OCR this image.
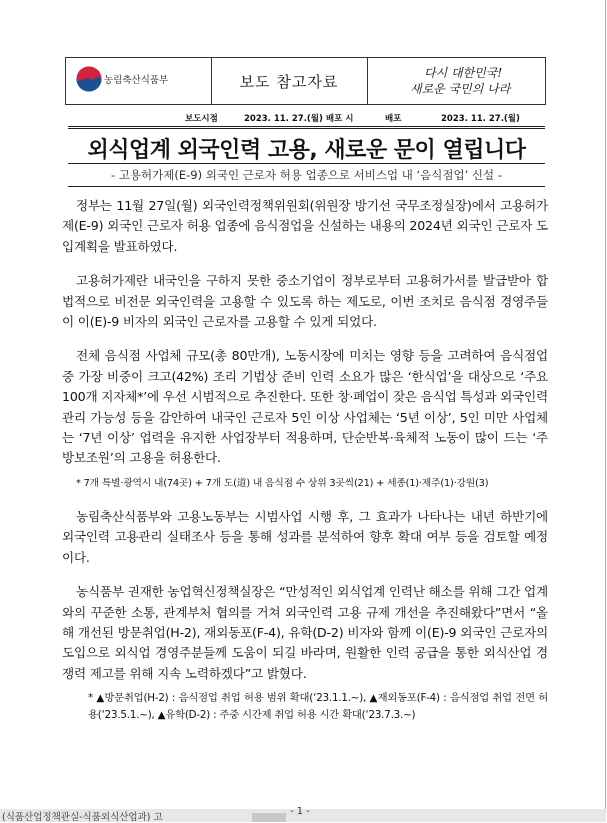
농림축산식품부	보도 참고자료	다시 대한민국!
새로운 국민의 나라
보도시점	2023. 11. 27.(월) 배포 시	배포	2023. 11. 27.(월)
외식업계 외국인력 고용, 새로운 문이 열립니다
- 고용허가제(E-9) 외국인 근로자 허용 업종으로 서비스업 내 ‘음식점업’ 신설 -

정부는 11월 27일(월) 외국인력정책위원회(위원장 방기선 국무조정실장)에서 고용허가제(E-9) 외국인 근로자 허용 업종에 음식점업을 신설하는 내용의 2024년 외국인 근로자 도입계획을 발표하였다.

고용허가제란 내국인을 구하지 못한 중소기업이 정부로부터 고용허가서를 발급받아 합법적으로 비전문 외국인력을 고용할 수 있도록 하는 제도로, 이번 조치로 음식점 경영주들이 이(E)-9 비자의 외국인 근로자를 고용할 수 있게 되었다.

전체 음식점 사업체 규모(총 80만개), 노동시장에 미치는 영향 등을 고려하여 음식점업 중 가장 비중이 크고(42%) 조리 기법상 준비 인력 소요가 많은 ‘한식업’을 대상으로 ‘주요 100개 지자체*’에 우선 시범적으로 추진한다. 또한 창·폐업이 잦은 음식업 특성과 외국인력 관리 가능성 등을 감안하여 내국인 근로자 5인 이상 사업체는 ‘5년 이상’, 5인 미만 사업체는 ‘7년 이상’ 업력을 유지한 사업장부터 적용하며, 단순반복·육체적 노동이 많이 드는 ‘주방보조원’의 고용을 허용한다.

* 7개 특별·광역시 내(74곳) + 7개 도(道) 내 음식점 수 상위 3곳씩(21) + 세종(1)·제주(1)·강원(3)

농림축산식품부와 고용노동부는 시범사업 시행 후, 그 효과가 나타나는 내년 하반기에 외국인력 고용관리 실태조사 등을 통해 성과를 분석하여 향후 확대 여부 등을 검토할 예정이다.

농식품부 권재한 농업혁신정책실장은 “만성적인 외식업계 인력난 해소를 위해 그간 업계와의 꾸준한 소통, 관계부처 협의를 거쳐 외국인력 고용 규제 개선을 추진해왔다”면서 “올해 개선된 방문취업(H-2), 재외동포(F-4), 유학(D-2) 비자와 함께 이(E)-9 외국인 근로자의 도입으로 외식업 경영주분들께 도움이 되길 바라며, 원활한 인력 공급을 통한 외식산업 경쟁력 제고를 위해 지속 노력하겠다”고 밝혔다.

* ▲방문취업(H-2) : 음식점업 취업 허용 범위 확대(‘23.1.1.~), ▲재외동포(F-4) : 음식점업 취업 전면 허용(‘23.5.1.~), ▲유학(D-2) : 주중 시간제 취업 허용 시간 확대(‘23.7.3.~)

(식품산업정책관실-식품외식산업과) 고
- 1 -
